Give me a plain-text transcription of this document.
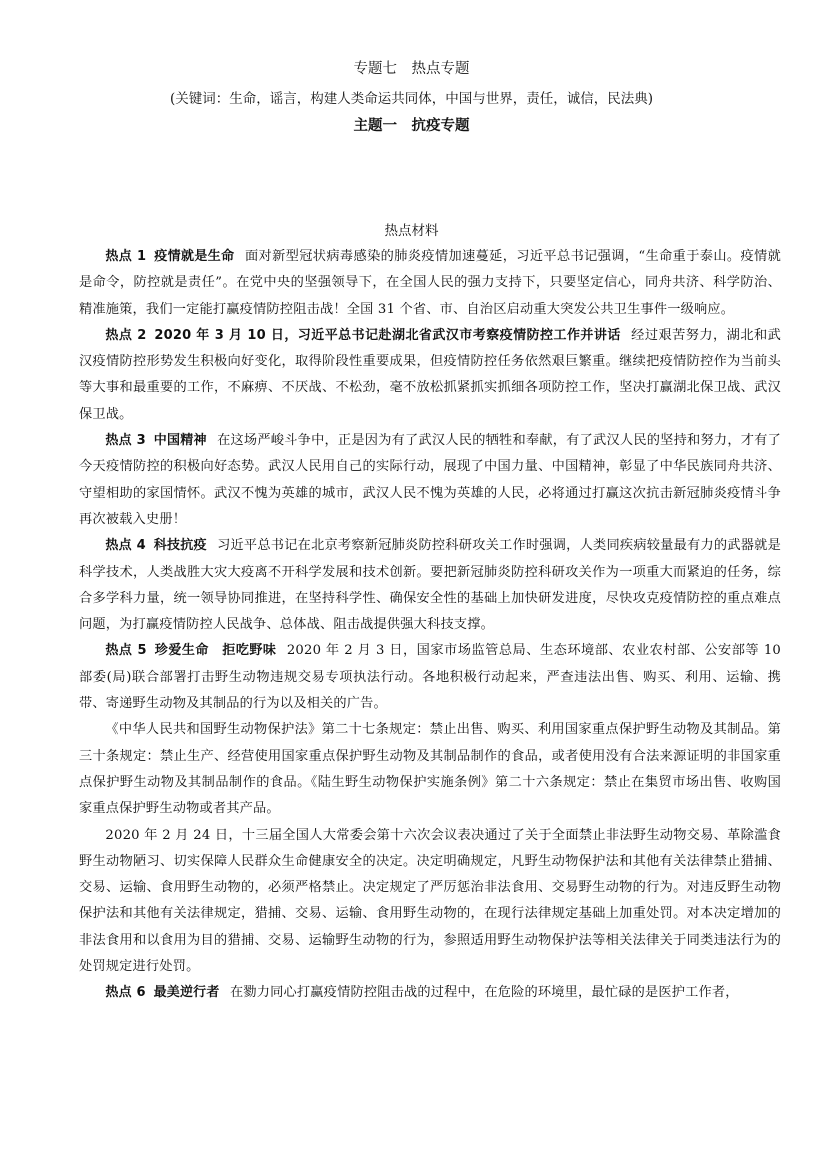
专题七　热点专题
(关键词：生命，谣言，构建人类命运共同体，中国与世界，责任，诚信，民法典)
主题一　抗疫专题
热点材料

热点 1 疫情就是生命 面对新型冠状病毒感染的肺炎疫情加速蔓延，习近平总书记强调，“生命重于泰山。疫情就是命令，防控就是责任”。在党中央的坚强领导下，在全国人民的强力支持下，只要坚定信心，同舟共济、科学防治、精准施策，我们一定能打赢疫情防控阻击战！全国 31 个省、市、自治区启动重大突发公共卫生事件一级响应。

热点 2 2020 年 3 月 10 日，习近平总书记赴湖北省武汉市考察疫情防控工作并讲话 经过艰苦努力，湖北和武汉疫情防控形势发生积极向好变化，取得阶段性重要成果，但疫情防控任务依然艰巨繁重。继续把疫情防控作为当前头等大事和最重要的工作，不麻痹、不厌战、不松劲，毫不放松抓紧抓实抓细各项防控工作，坚决打赢湖北保卫战、武汉保卫战。

热点 3 中国精神 在这场严峻斗争中，正是因为有了武汉人民的牺牲和奉献，有了武汉人民的坚持和努力，才有了今天疫情防控的积极向好态势。武汉人民用自己的实际行动，展现了中国力量、中国精神，彰显了中华民族同舟共济、守望相助的家国情怀。武汉不愧为英雄的城市，武汉人民不愧为英雄的人民，必将通过打赢这次抗击新冠肺炎疫情斗争再次被载入史册！

热点 4 科技抗疫 习近平总书记在北京考察新冠肺炎防控科研攻关工作时强调，人类同疾病较量最有力的武器就是科学技术，人类战胜大灾大疫离不开科学发展和技术创新。要把新冠肺炎防控科研攻关作为一项重大而紧迫的任务，综合多学科力量，统一领导协同推进，在坚持科学性、确保安全性的基础上加快研发进度，尽快攻克疫情防控的重点难点问题，为打赢疫情防控人民战争、总体战、阻击战提供强大科技支撑。

热点 5 珍爱生命　拒吃野味 2020 年 2 月 3 日，国家市场监管总局、生态环境部、农业农村部、公安部等 10 部委(局)联合部署打击野生动物违规交易专项执法行动。各地积极行动起来，严查违法出售、购买、利用、运输、携带、寄递野生动物及其制品的行为以及相关的广告。

《中华人民共和国野生动物保护法》第二十七条规定：禁止出售、购买、利用国家重点保护野生动物及其制品。第三十条规定：禁止生产、经营使用国家重点保护野生动物及其制品制作的食品，或者使用没有合法来源证明的非国家重点保护野生动物及其制品制作的食品。《陆生野生动物保护实施条例》第二十六条规定：禁止在集贸市场出售、收购国家重点保护野生动物或者其产品。

2020 年 2 月 24 日，十三届全国人大常委会第十六次会议表决通过了关于全面禁止非法野生动物交易、革除滥食野生动物陋习、切实保障人民群众生命健康安全的决定。决定明确规定，凡野生动物保护法和其他有关法律禁止猎捕、交易、运输、食用野生动物的，必须严格禁止。决定规定了严厉惩治非法食用、交易野生动物的行为。对违反野生动物保护法和其他有关法律规定，猎捕、交易、运输、食用野生动物的，在现行法律规定基础上加重处罚。对本决定增加的非法食用和以食用为目的猎捕、交易、运输野生动物的行为，参照适用野生动物保护法等相关法律关于同类违法行为的处罚规定进行处罚。

热点 6 最美逆行者 在勠力同心打赢疫情防控阻击战的过程中，在危险的环境里，最忙碌的是医护工作者，
